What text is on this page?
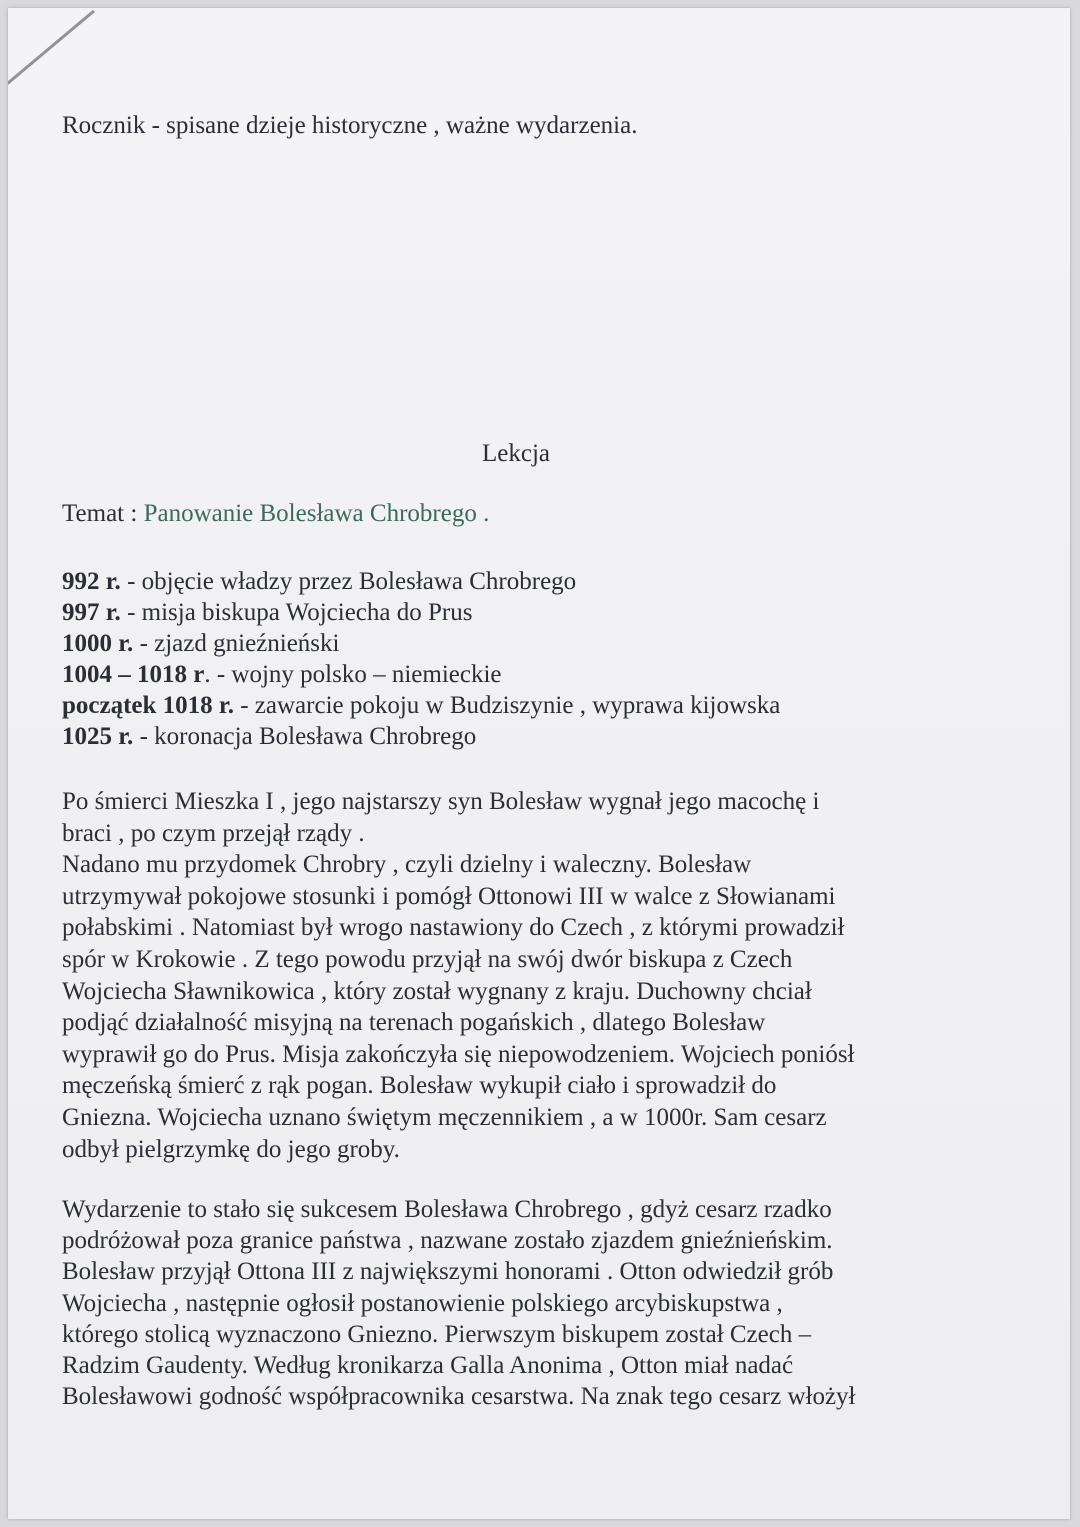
Rocznik - spisane dzieje historyczne , ważne wydarzenia.
Lekcja
Temat : Panowanie Bolesława Chrobrego .
992 r. - objęcie władzy przez Bolesława Chrobrego
997 r. - misja biskupa Wojciecha do Prus
1000 r. - zjazd gnieźnieński
1004 – 1018 r. - wojny polsko – niemieckie
początek 1018 r. - zawarcie pokoju w Budziszynie , wyprawa kijowska
1025 r. - koronacja Bolesława Chrobrego
Po śmierci Mieszka I , jego najstarszy syn Bolesław wygnał jego macochę i
braci , po czym przejął rządy .
Nadano mu przydomek Chrobry , czyli dzielny i waleczny. Bolesław
utrzymywał pokojowe stosunki i pomógł Ottonowi III w walce z Słowianami
połabskimi . Natomiast był wrogo nastawiony do Czech , z którymi prowadził
spór w Krokowie . Z tego powodu przyjął na swój dwór biskupa z Czech
Wojciecha Sławnikowica , który został wygnany z kraju. Duchowny chciał
podjąć działalność misyjną na terenach pogańskich , dlatego Bolesław
wyprawił go do Prus. Misja zakończyła się niepowodzeniem. Wojciech poniósł
męczeńską śmierć z rąk pogan. Bolesław wykupił ciało i sprowadził do
Gniezna. Wojciecha uznano świętym męczennikiem , a w 1000r. Sam cesarz
odbył pielgrzymkę do jego groby.
Wydarzenie to stało się sukcesem Bolesława Chrobrego , gdyż cesarz rzadko
podróżował poza granice państwa , nazwane zostało zjazdem gnieźnieńskim.
Bolesław przyjął Ottona III z największymi honorami . Otton odwiedził grób
Wojciecha , następnie ogłosił postanowienie polskiego arcybiskupstwa ,
którego stolicą wyznaczono Gniezno. Pierwszym biskupem został Czech –
Radzim Gaudenty. Według kronikarza Galla Anonima , Otton miał nadać
Bolesławowi godność współpracownika cesarstwa. Na znak tego cesarz włożył
